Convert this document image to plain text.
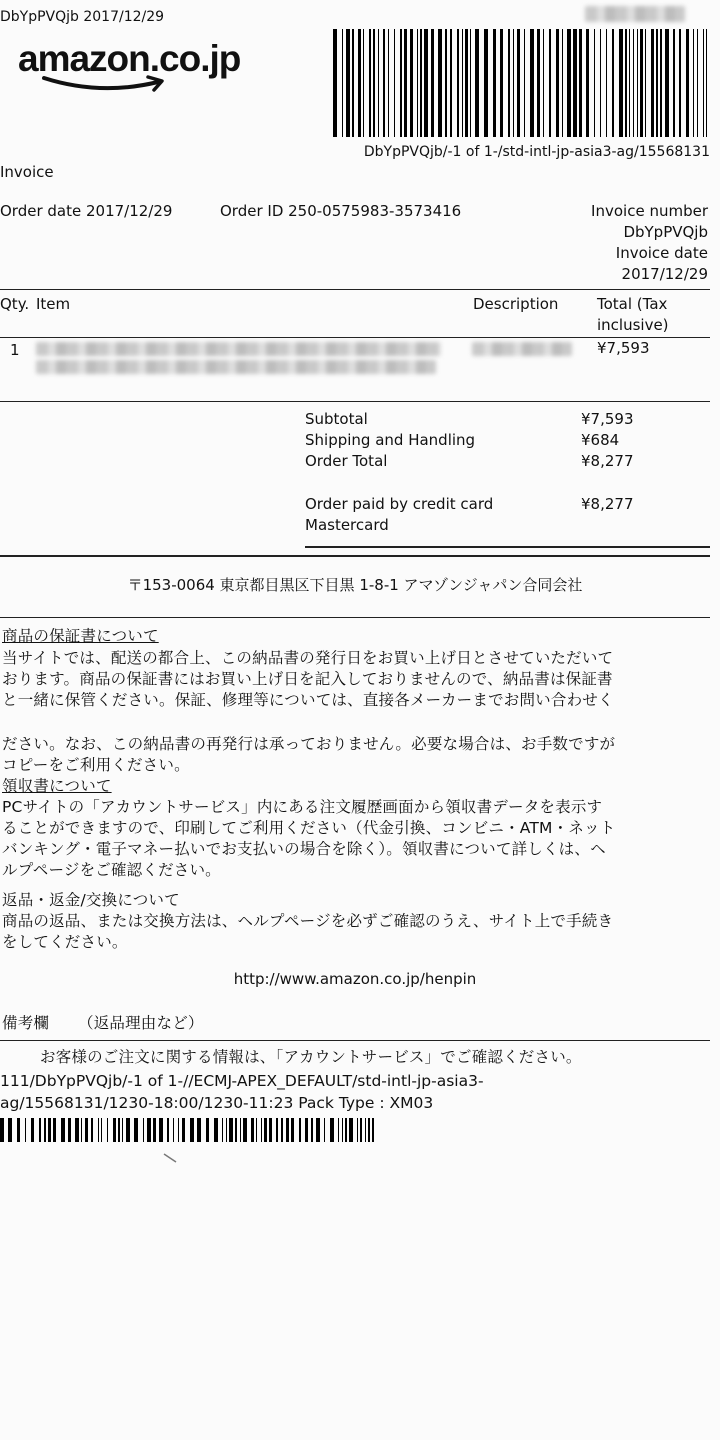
DbYpPVQjb 2017/12/29
amazon.co.jp
DbYpPVQjb/-1 of 1-/std-intl-jp-asia3-ag/15568131
Invoice
Order date 2017/12/29	Order ID 250-0575983-3573416	Invoice number
DbYpPVQjb
Invoice date
2017/12/29
Qty. Item	Description	Total (Tax
inclusive)
1	¥7,593
Subtotal	¥7,593
Shipping and Handling	¥684
Order Total	¥8,277
Order paid by credit card	¥8,277
Mastercard
〒153-0064 東京都目黒区下目黒 1-8-1 アマゾンジャパン合同会社
商品の保証書について
当サイトでは、配送の都合上、この納品書の発行日をお買い上げ日とさせていただいて
おります。商品の保証書にはお買い上げ日を記入しておりませんので、納品書は保証書
と一緒に保管ください。保証、修理等については、直接各メーカーまでお問い合わせく
ださい。なお、この納品書の再発行は承っておりません。必要な場合は、お手数ですが
コピーをご利用ください。
領収書について
PCサイトの「アカウントサービス」内にある注文履歴画面から領収書データを表示す
ることができますので、印刷してご利用ください（代金引換、コンビニ・ATM・ネット
バンキング・電子マネー払いでお支払いの場合を除く）。領収書について詳しくは、ヘ
ルプページをご確認ください。
返品・返金/交換について
商品の返品、または交換方法は、ヘルプページを必ずご確認のうえ、サイト上で手続き
をしてください。
http://www.amazon.co.jp/henpin
備考欄 （返品理由など）
お客様のご注文に関する情報は、「アカウントサービス」でご確認ください。
111/DbYpPVQjb/-1 of 1-//ECMJ-APEX_DEFAULT/std-intl-jp-asia3-
ag/15568131/1230-18:00/1230-11:23 Pack Type : XM03
